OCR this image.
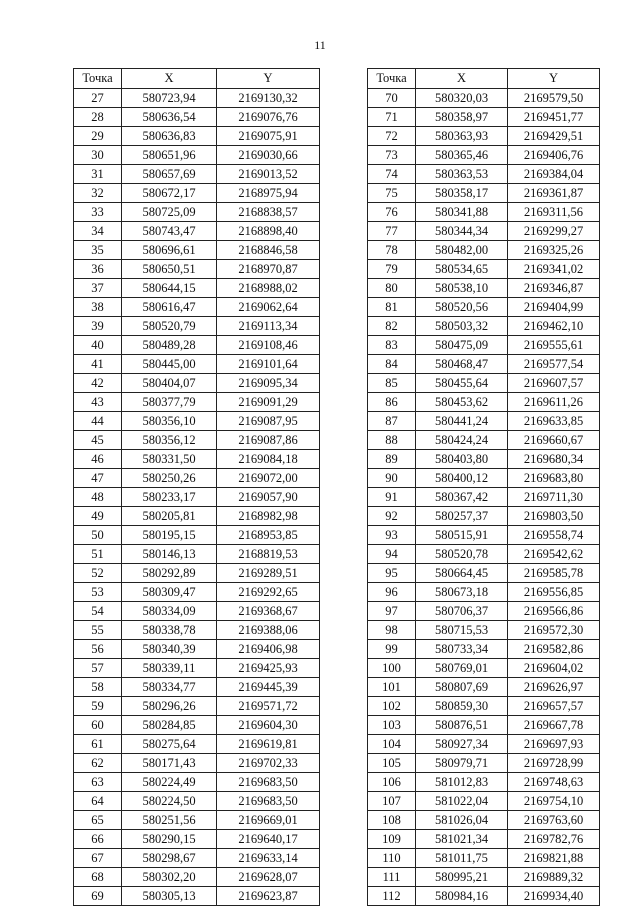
11
Точка	X	Y
27	580723,94	2169130,32
28	580636,54	2169076,76
29	580636,83	2169075,91
30	580651,96	2169030,66
31	580657,69	2169013,52
32	580672,17	2168975,94
33	580725,09	2168838,57
34	580743,47	2168898,40
35	580696,61	2168846,58
36	580650,51	2168970,87
37	580644,15	2168988,02
38	580616,47	2169062,64
39	580520,79	2169113,34
40	580489,28	2169108,46
41	580445,00	2169101,64
42	580404,07	2169095,34
43	580377,79	2169091,29
44	580356,10	2169087,95
45	580356,12	2169087,86
46	580331,50	2169084,18
47	580250,26	2169072,00
48	580233,17	2169057,90
49	580205,81	2168982,98
50	580195,15	2168953,85
51	580146,13	2168819,53
52	580292,89	2169289,51
53	580309,47	2169292,65
54	580334,09	2169368,67
55	580338,78	2169388,06
56	580340,39	2169406,98
57	580339,11	2169425,93
58	580334,77	2169445,39
59	580296,26	2169571,72
60	580284,85	2169604,30
61	580275,64	2169619,81
62	580171,43	2169702,33
63	580224,49	2169683,50
64	580224,50	2169683,50
65	580251,56	2169669,01
66	580290,15	2169640,17
67	580298,67	2169633,14
68	580302,20	2169628,07
69	580305,13	2169623,87
Точка	X	Y
70	580320,03	2169579,50
71	580358,97	2169451,77
72	580363,93	2169429,51
73	580365,46	2169406,76
74	580363,53	2169384,04
75	580358,17	2169361,87
76	580341,88	2169311,56
77	580344,34	2169299,27
78	580482,00	2169325,26
79	580534,65	2169341,02
80	580538,10	2169346,87
81	580520,56	2169404,99
82	580503,32	2169462,10
83	580475,09	2169555,61
84	580468,47	2169577,54
85	580455,64	2169607,57
86	580453,62	2169611,26
87	580441,24	2169633,85
88	580424,24	2169660,67
89	580403,80	2169680,34
90	580400,12	2169683,80
91	580367,42	2169711,30
92	580257,37	2169803,50
93	580515,91	2169558,74
94	580520,78	2169542,62
95	580664,45	2169585,78
96	580673,18	2169556,85
97	580706,37	2169566,86
98	580715,53	2169572,30
99	580733,34	2169582,86
100	580769,01	2169604,02
101	580807,69	2169626,97
102	580859,30	2169657,57
103	580876,51	2169667,78
104	580927,34	2169697,93
105	580979,71	2169728,99
106	581012,83	2169748,63
107	581022,04	2169754,10
108	581026,04	2169763,60
109	581021,34	2169782,76
110	581011,75	2169821,88
111	580995,21	2169889,32
112	580984,16	2169934,40
